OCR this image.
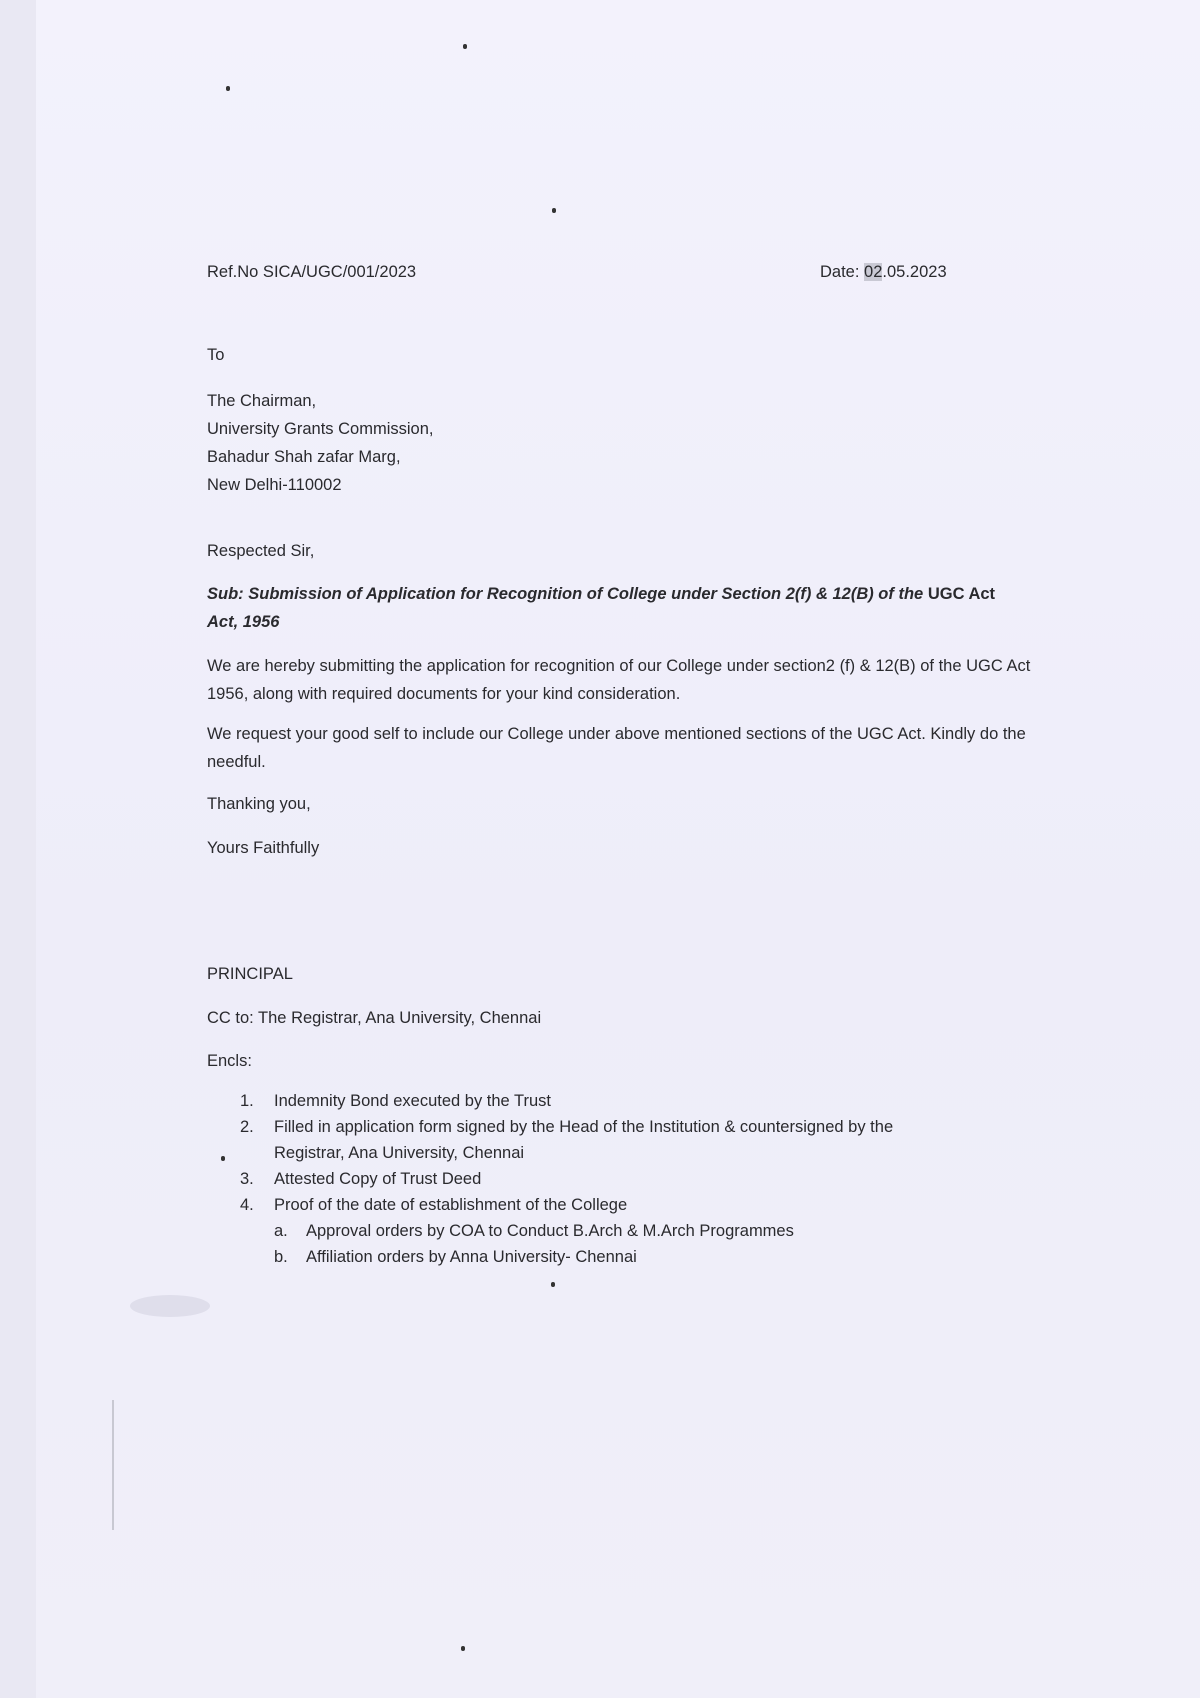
Ref.No SICA/UGC/001/2023	Date: 02.05.2023
To
The Chairman,
University Grants Commission,
Bahadur Shah zafar Marg,
New Delhi-110002
Respected Sir,
Sub: Submission of Application for Recognition of College under Section 2(f) & 12(B) of the UGC Act
Act, 1956
We are hereby submitting the application for recognition of our College under section2 (f) & 12(B) of the UGC Act 1956, along with required documents for your kind consideration.
We request your good self to include our College under above mentioned sections of the UGC Act. Kindly do the needful.
Thanking you,
Yours Faithfully
PRINCIPAL
CC to: The Registrar, Ana University, Chennai
Encls:
1.	Indemnity Bond executed by the Trust
2.	Filled in application form signed by the Head of the Institution & countersigned by the
Registrar, Ana University, Chennai
3.	Attested Copy of Trust Deed
4.	Proof of the date of establishment of the College
a.	Approval orders by COA to Conduct B.Arch & M.Arch Programmes
b.	Affiliation orders by Anna University- Chennai
